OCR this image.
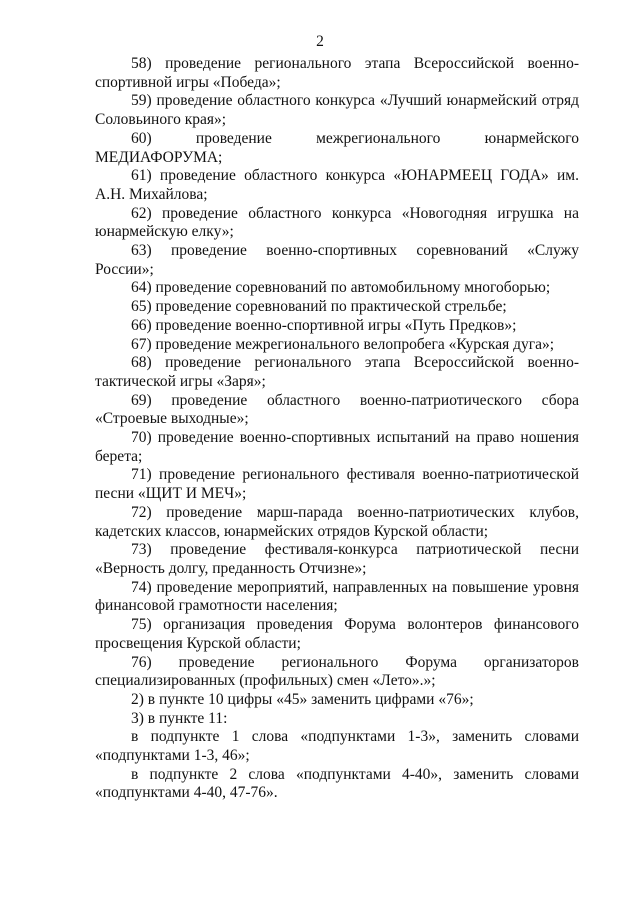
2

58) проведение регионального этапа Всероссийской военно-спортивной игры «Победа»;

59) проведение областного конкурса «Лучший юнармейский отряд Соловьиного края»;

60) проведение межрегионального юнармейского МЕДИАФОРУМА;

61) проведение областного конкурса «ЮНАРМЕЕЦ ГОДА» им. А.Н. Михайлова;

62) проведение областного конкурса «Новогодняя игрушка на юнармейскую елку»;

63) проведение военно-спортивных соревнований «Служу России»;

64) проведение соревнований по автомобильному многоборью;

65) проведение соревнований по практической стрельбе;

66) проведение военно-спортивной игры «Путь Предков»;

67) проведение межрегионального велопробега «Курская дуга»;

68) проведение регионального этапа Всероссийской военно-тактической игры «Заря»;

69) проведение областного военно-патриотического сбора «Строевые выходные»;

70) проведение военно-спортивных испытаний на право ношения берета;

71) проведение регионального фестиваля военно-патриотической песни «ЩИТ И МЕЧ»;

72) проведение марш-парада военно-патриотических клубов, кадетских классов, юнармейских отрядов Курской области;

73) проведение фестиваля-конкурса патриотической песни «Верность долгу, преданность Отчизне»;

74) проведение мероприятий, направленных на повышение уровня финансовой грамотности населения;

75) организация проведения Форума волонтеров финансового просвещения Курской области;

76) проведение регионального Форума организаторов специализированных (профильных) смен «Лето».»;

2) в пункте 10 цифры «45» заменить цифрами «76»;

3) в пункте 11:

в подпункте 1 слова «подпунктами 1-3», заменить словами «подпунктами 1-3, 46»;

в подпункте 2 слова «подпунктами 4-40», заменить словами «подпунктами 4-40, 47-76».
